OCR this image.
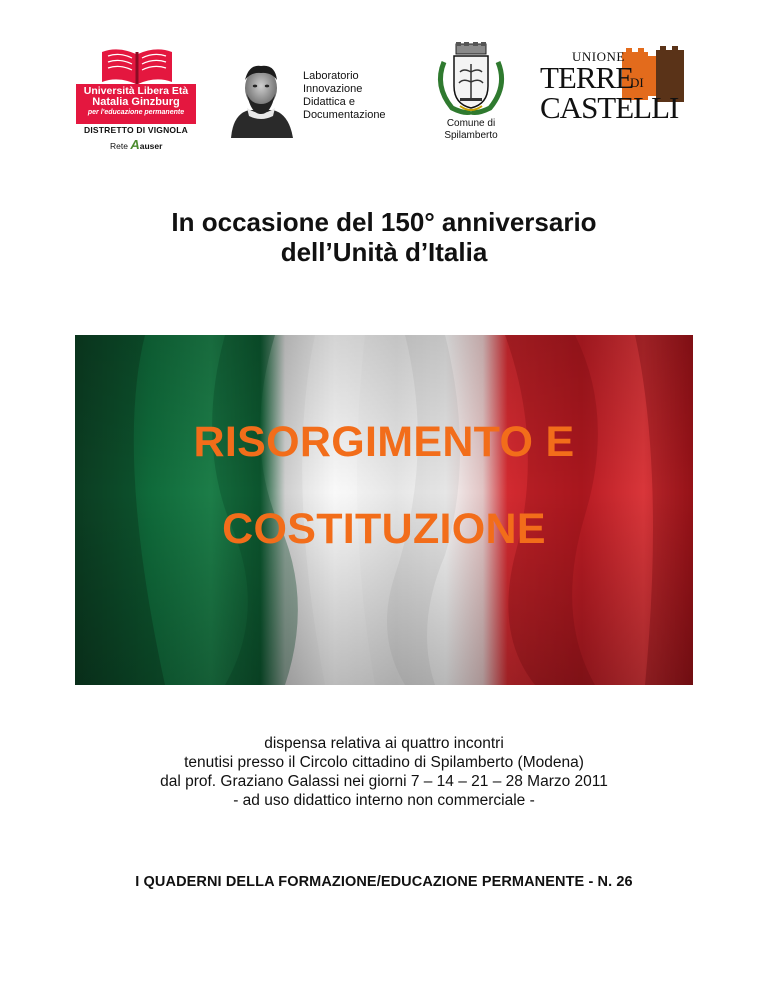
Università Libera Età
Natalia Ginzburg
per l'educazione permanente
DISTRETTO DI VIGNOLA
Rete Aauser
Laboratorio
Innovazione
Didattica e
Documentazione
Comune di
Spilamberto
UNIONE
TERRE
DI
CASTELLI
In occasione del 150° anniversario
dell’Unità d’Italia
RISORGIMENTO E
COSTITUZIONE
dispensa relativa ai quattro incontri
tenutisi presso il Circolo cittadino di Spilamberto (Modena)
dal prof. Graziano Galassi nei giorni 7 – 14 – 21 – 28 Marzo 2011
- ad uso didattico interno non commerciale -
I QUADERNI DELLA FORMAZIONE/EDUCAZIONE PERMANENTE - N. 26
